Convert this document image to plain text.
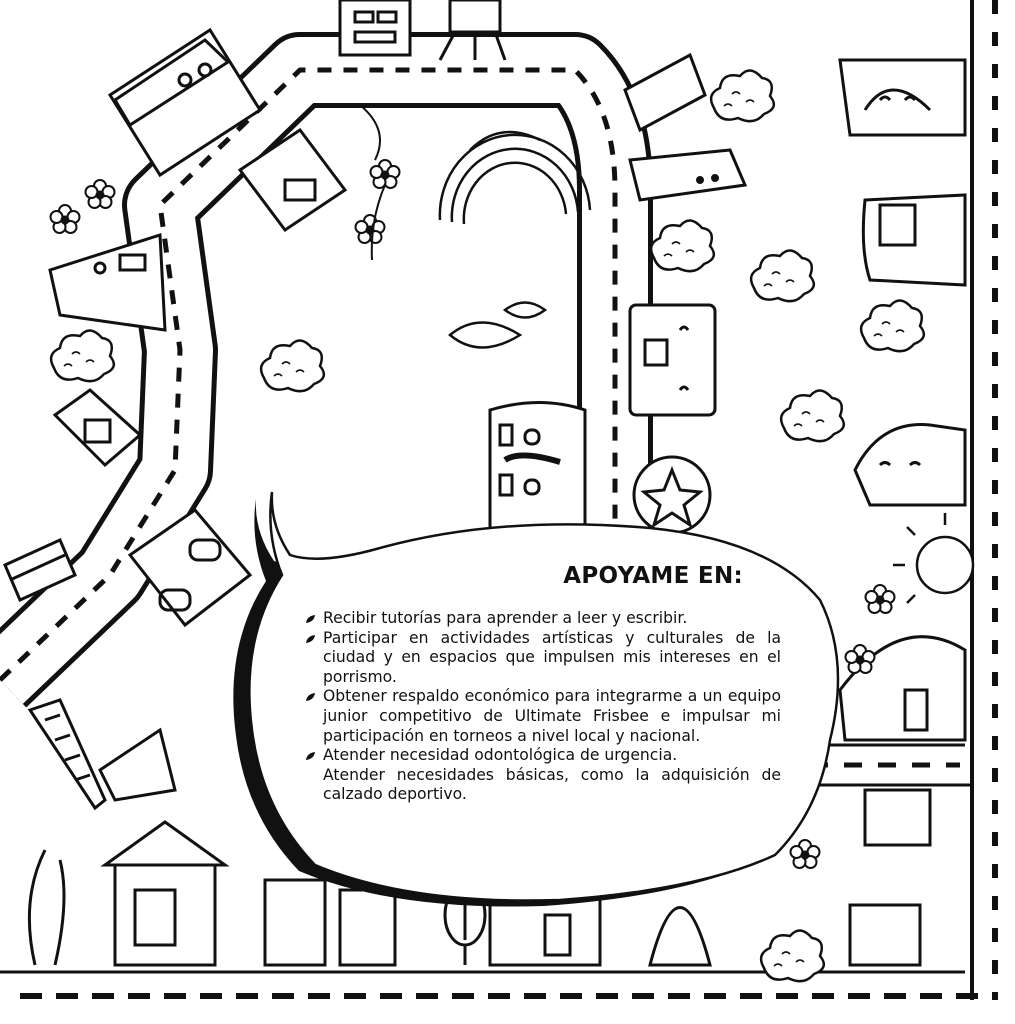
APOYAME EN:
Recibir tutorías para aprender a leer y escribir.
Participar en actividades artísticas y culturales de la ciudad y en espacios que impulsen mis intereses en el porrismo.
Obtener respaldo económico para integrarme a un equipo junior competitivo de Ultimate Frisbee e impulsar mi participación en torneos a nivel local y nacional.
Atender necesidad odontológica de urgencia.
Atender necesidades básicas, como la adquisición de calzado deportivo.
